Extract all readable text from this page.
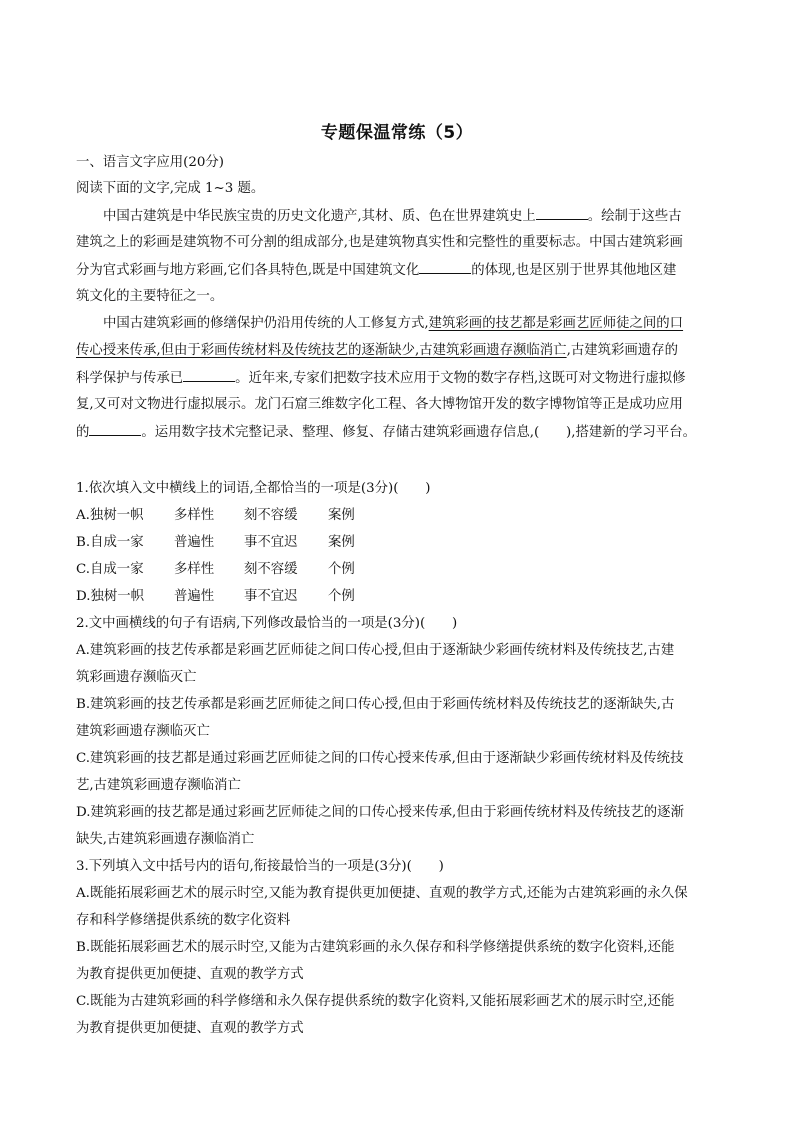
专题保温常练（5）
一、语言文字应用(20分)
阅读下面的文字,完成 1~3 题。
中国古建筑是中华民族宝贵的历史文化遗产,其材、质、色在世界建筑史上	。绘制于这些古
建筑之上的彩画是建筑物不可分割的组成部分,也是建筑物真实性和完整性的重要标志。中国古建筑彩画
分为官式彩画与地方彩画,它们各具特色,既是中国建筑文化	的体现,也是区别于世界其他地区建
筑文化的主要特征之一。
中国古建筑彩画的修缮保护仍沿用传统的人工修复方式,建筑彩画的技艺都是彩画艺匠师徒之间的口
传心授来传承,但由于彩画传统材料及传统技艺的逐渐缺少,古建筑彩画遗存濒临消亡,古建筑彩画遗存的
科学保护与传承已	。近年来,专家们把数字技术应用于文物的数字存档,这既可对文物进行虚拟修
复,又可对文物进行虚拟展示。龙门石窟三维数字化工程、各大博物馆开发的数字博物馆等正是成功应用
的	。运用数字技术完整记录、整理、修复、存储古建筑彩画遗存信息,(　　),搭建新的学习平台。
1.依次填入文中横线上的词语,全都恰当的一项是(3分)(　　)
A.独树一帜 多样性 刻不容缓 案例
B.自成一家 普遍性 事不宜迟 案例
C.自成一家 多样性 刻不容缓 个例
D.独树一帜 普遍性 事不宜迟 个例
2.文中画横线的句子有语病,下列修改最恰当的一项是(3分)(　　)
A.建筑彩画的技艺传承都是彩画艺匠师徒之间口传心授,但由于逐渐缺少彩画传统材料及传统技艺,古建
筑彩画遗存濒临灭亡
B.建筑彩画的技艺传承都是彩画艺匠师徒之间口传心授,但由于彩画传统材料及传统技艺的逐渐缺失,古
建筑彩画遗存濒临灭亡
C.建筑彩画的技艺都是通过彩画艺匠师徒之间的口传心授来传承,但由于逐渐缺少彩画传统材料及传统技
艺,古建筑彩画遗存濒临消亡
D.建筑彩画的技艺都是通过彩画艺匠师徒之间的口传心授来传承,但由于彩画传统材料及传统技艺的逐渐
缺失,古建筑彩画遗存濒临消亡
3.下列填入文中括号内的语句,衔接最恰当的一项是(3分)(　　)
A.既能拓展彩画艺术的展示时空,又能为教育提供更加便捷、直观的教学方式,还能为古建筑彩画的永久保
存和科学修缮提供系统的数字化资料
B.既能拓展彩画艺术的展示时空,又能为古建筑彩画的永久保存和科学修缮提供系统的数字化资料,还能
为教育提供更加便捷、直观的教学方式
C.既能为古建筑彩画的科学修缮和永久保存提供系统的数字化资料,又能拓展彩画艺术的展示时空,还能
为教育提供更加便捷、直观的教学方式
